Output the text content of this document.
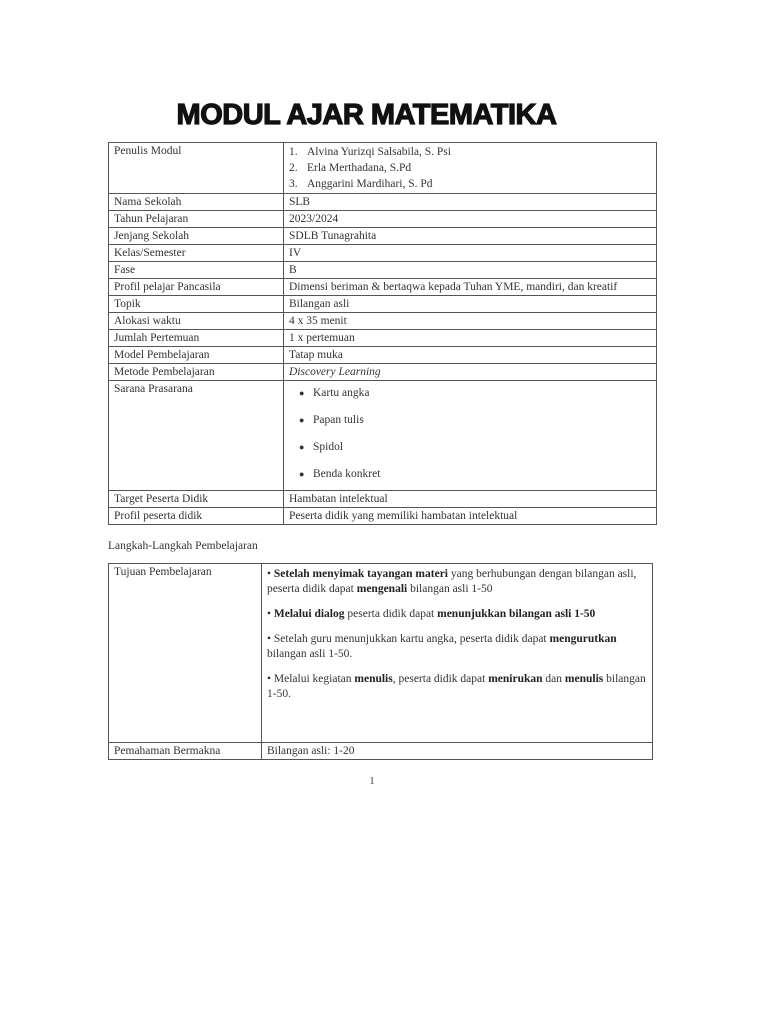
MODUL AJAR MATEMATIKA
Penulis Modul	1. Alvina Yurizqi Salsabila, S. Psi
2. Erla Merthadana, S.Pd
3. Anggarini Mardihari, S. Pd

Nama Sekolah	SLB
Tahun Pelajaran	2023/2024
Jenjang Sekolah	SDLB Tunagrahita
Kelas/Semester	IV
Fase	B
Profil pelajar Pancasila	Dimensi beriman & bertaqwa kepada Tuhan YME, mandiri, dan kreatif
Topik	Bilangan asli
Alokasi waktu	4 x 35 menit
Jumlah Pertemuan	1 x pertemuan
Model Pembelajaran	Tatap muka
Metode Pembelajaran	Discovery Learning
Sarana Prasarana	● Kartu angka
● Papan tulis
● Spidol
● Benda konkret

Target Peserta Didik	Hambatan intelektual
Profil peserta didik	Peserta didik yang memiliki hambatan intelektual
Langkah-Langkah Pembelajaran
Tujuan Pembelajaran	• Setelah menyimak tayangan materi yang berhubungan dengan bilangan asli, peserta didik dapat mengenali bilangan asli 1-50
• Melalui dialog peserta didik dapat menunjukkan bilangan asli 1-50
• Setelah guru menunjukkan kartu angka, peserta didik dapat mengurutkan bilangan asli 1-50.
• Melalui kegiatan menulis, peserta didik dapat menirukan dan menulis bilangan 1-50.

Pemahaman Bermakna	Bilangan asli: 1-20
1
